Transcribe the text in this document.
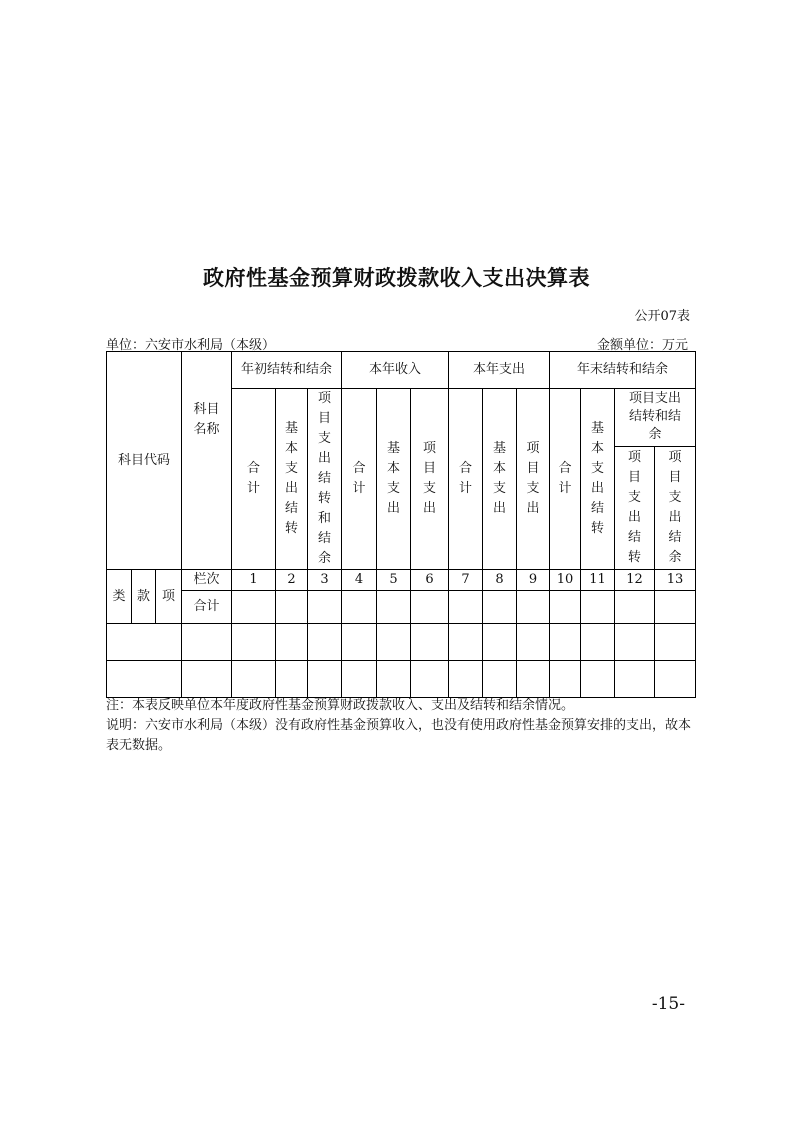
政府性基金预算财政拨款收入支出决算表
公开07表
单位：六安市水利局（本级）	金额单位：万元
科目代码			科目名称	年初结转和结余			本年收入			本年支出			年末结转和结余			
				合计	基本支出结转	项目支出结转和结余	合计	基本支出	项目支出	合计	基本支出	项目支出	合计	基本支出结转	项目支出结转和结余	
															项目支出结转	项目支出结余
类	款	项	栏次	1	2	3	4	5	6	7	8	9	10	11	12	13
			合计													

注：本表反映单位本年度政府性基金预算财政拨款收入、支出及结转和结余情况。
说明：六安市水利局（本级）没有政府性基金预算收入，也没有使用政府性基金预算安排的支出，故本表无数据。
-15-
